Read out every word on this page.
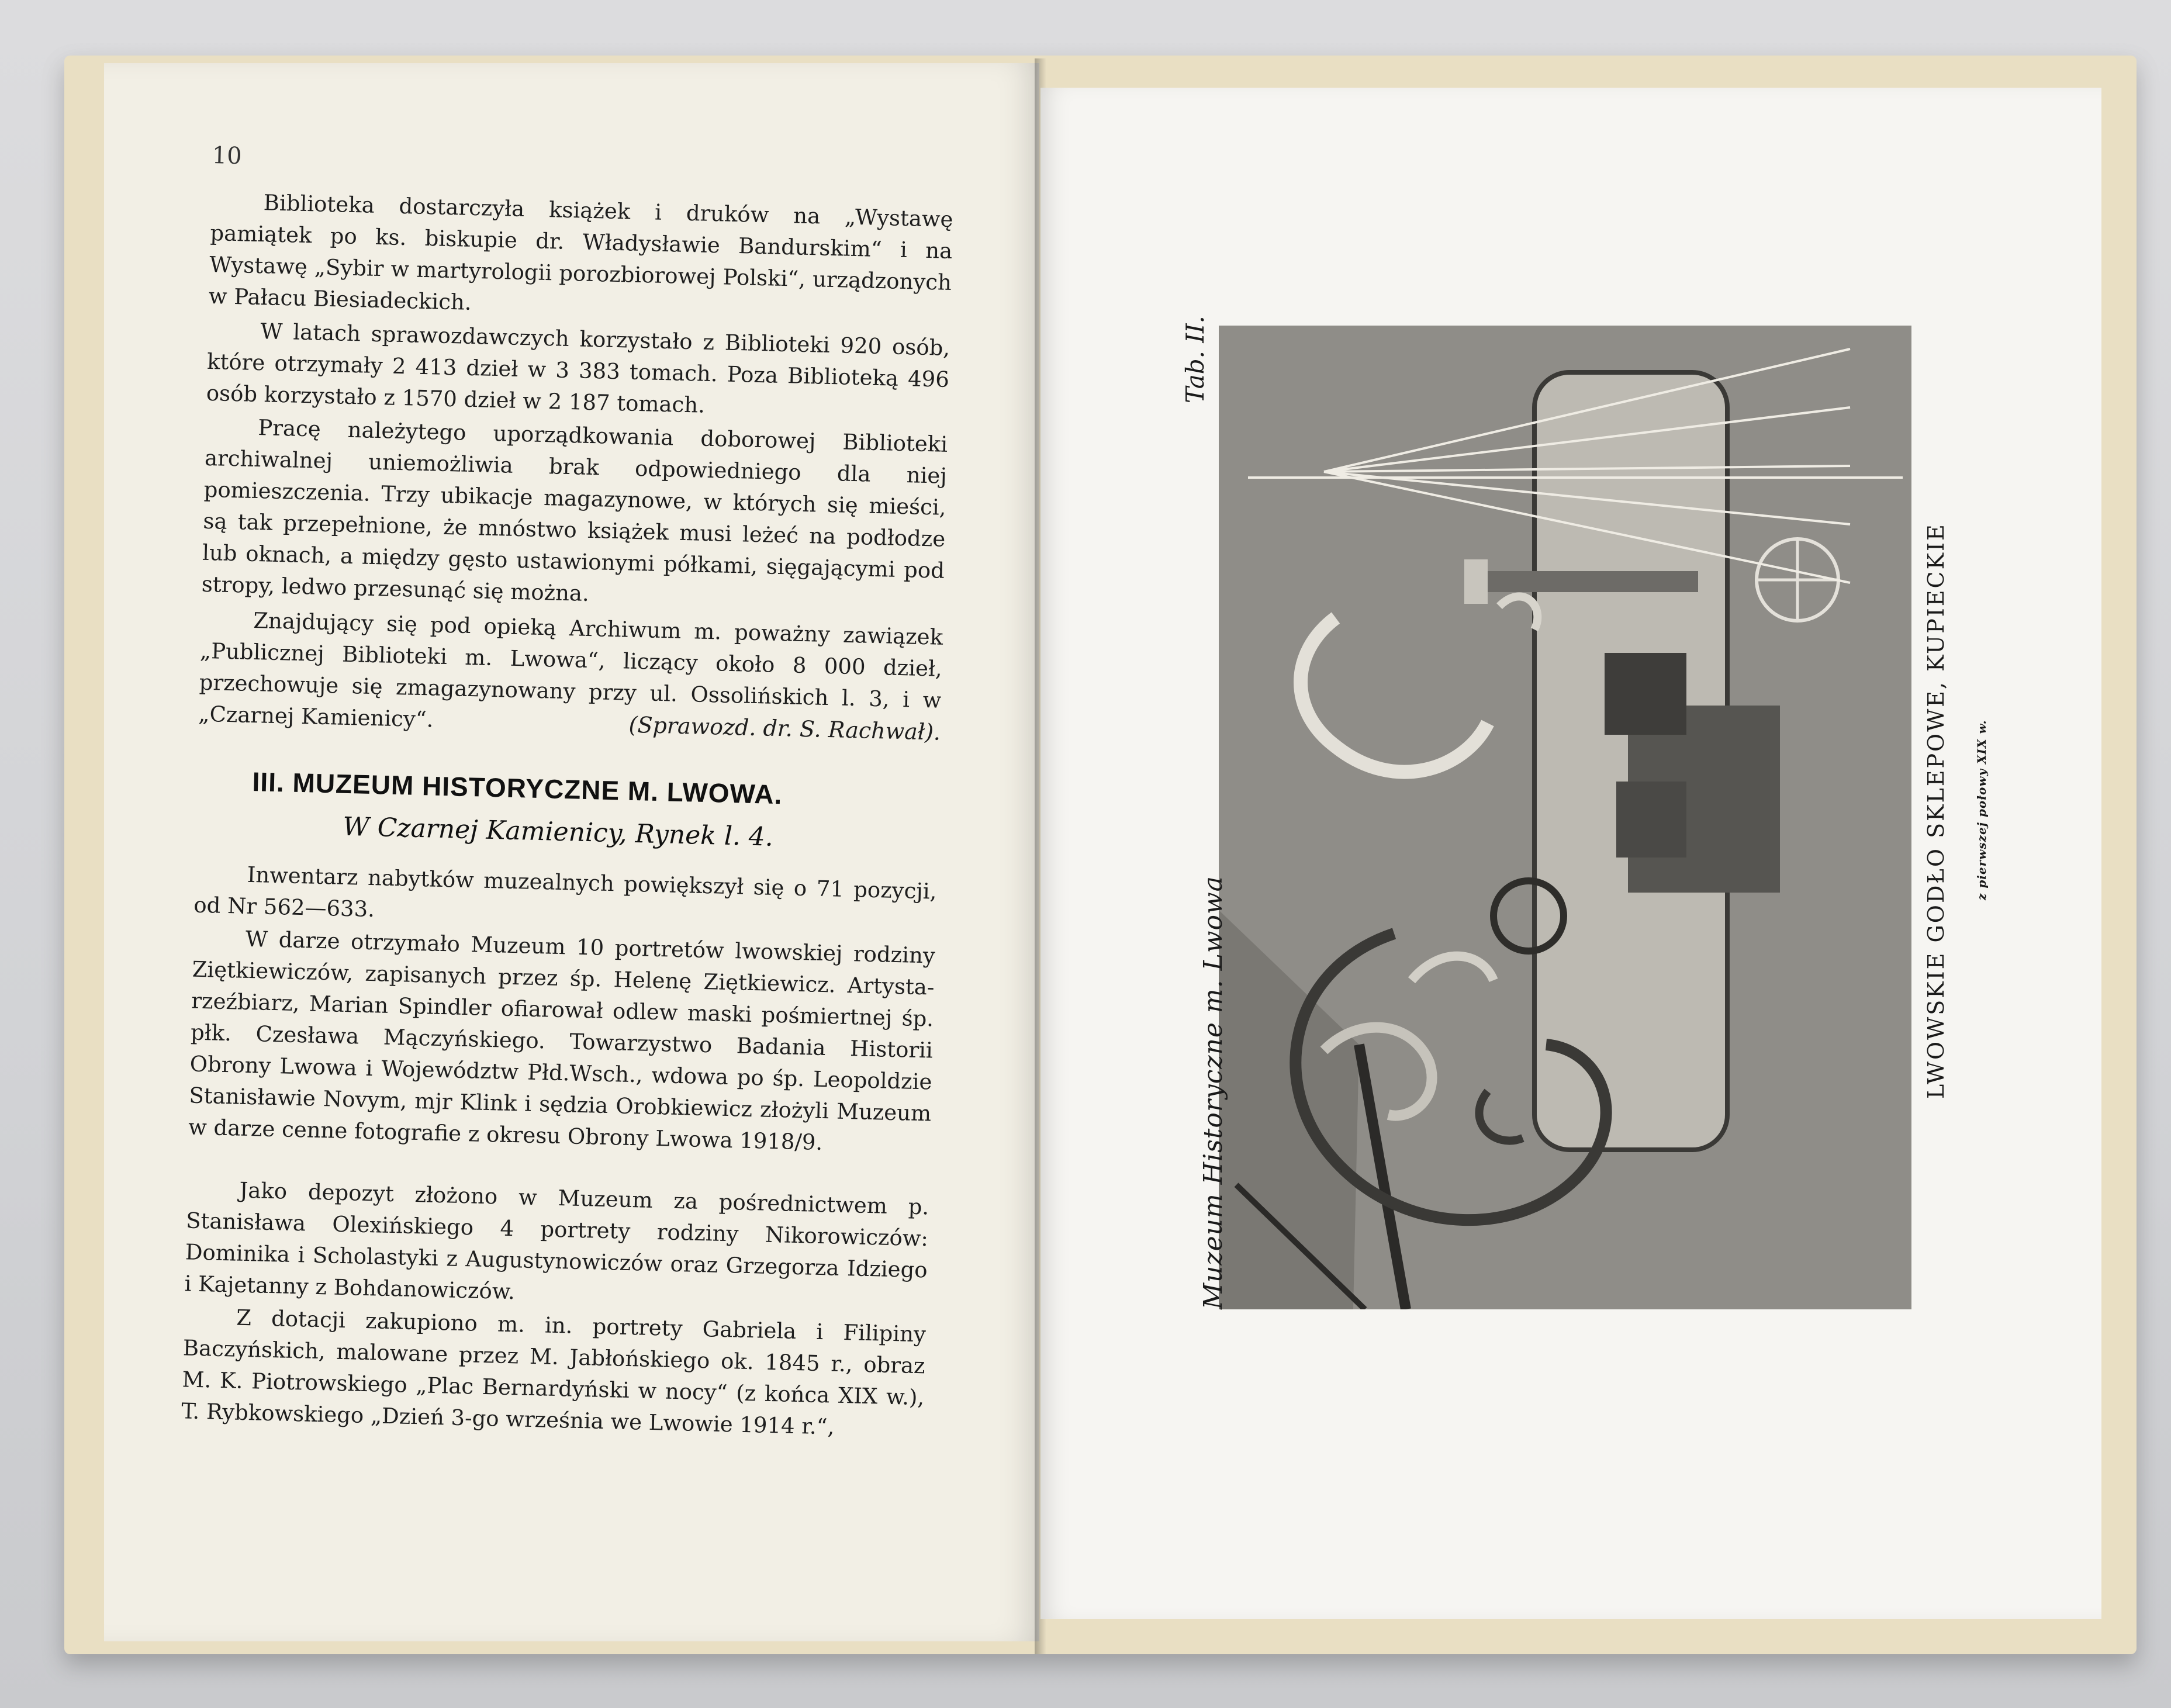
10

Biblioteka dostarczyła książek i druków na „Wystawę pamiątek po ks. biskupie dr. Władysławie Bandurskim“ i na Wystawę „Sybir w martyrologii porozbiorowej Polski“, urządzonych w Pałacu Biesiadeckich.
W latach sprawozdawczych korzystało z Biblioteki 920 osób, które otrzymały 2 413 dzieł w 3 383 tomach. Poza Biblioteką 496 osób korzystało z 1570 dzieł w 2 187 tomach.
Pracę należytego uporządkowania doborowej Biblioteki archiwalnej uniemożliwia brak odpowiedniego dla niej pomieszczenia. Trzy ubikacje magazynowe, w których się mieści, są tak przepełnione, że mnóstwo książek musi leżeć na podłodze lub oknach, a między gęsto ustawionymi półkami, sięgającymi pod stropy, ledwo przesunąć się można.
Znajdujący się pod opieką Archiwum m. poważny zawiązek „Publicznej Biblioteki m. Lwowa“, liczący około 8 000 dzieł, przechowuje się zmagazynowany przy ul. Ossolińskich l. 3, i w „Czarnej Kamienicy“.	(Sprawozd. dr. S. Rachwał).
III. MUZEUM HISTORYCZNE M. LWOWA.
W Czarnej Kamienicy, Rynek l. 4.
Inwentarz nabytków muzealnych powiększył się o 71 pozycji, od Nr 562—633.
W darze otrzymało Muzeum 10 portretów lwowskiej rodziny Ziętkiewiczów, zapisanych przez śp. Helenę Ziętkiewicz. Artysta-rzeźbiarz, Marian Spindler ofiarował odlew maski pośmiertnej śp. płk. Czesława Mączyńskiego. Towarzystwo Badania Historii Obrony Lwowa i Województw Płd.Wsch., wdowa po śp. Leopoldzie Stanisławie Novym, mjr Klink i sędzia Orobkiewicz złożyli Muzeum w darze cenne fotografie z okresu Obrony Lwowa 1918/9.
Jako depozyt złożono w Muzeum za pośrednictwem p. Stanisława Olexińskiego 4 portrety rodziny Nikorowiczów: Dominika i Scholastyki z Augustynowiczów oraz Grzegorza Idziego i Kajetanny z Bohdanowiczów.
Z dotacji zakupiono m. in. portrety Gabriela i Filipiny Baczyńskich, malowane przez M. Jabłońskiego ok. 1845 r., obraz M. K. Piotrowskiego „Plac Bernardyński w nocy“ (z końca XIX w.), T. Rybkowskiego „Dzień 3-go września we Lwowie 1914 r.“,
Tab. II.
Muzeum Historyczne m. Lwowa	LWOWSKIE GODŁO SKLEPOWE, KUPIECKIE z pierwszej połowy XIX w.
